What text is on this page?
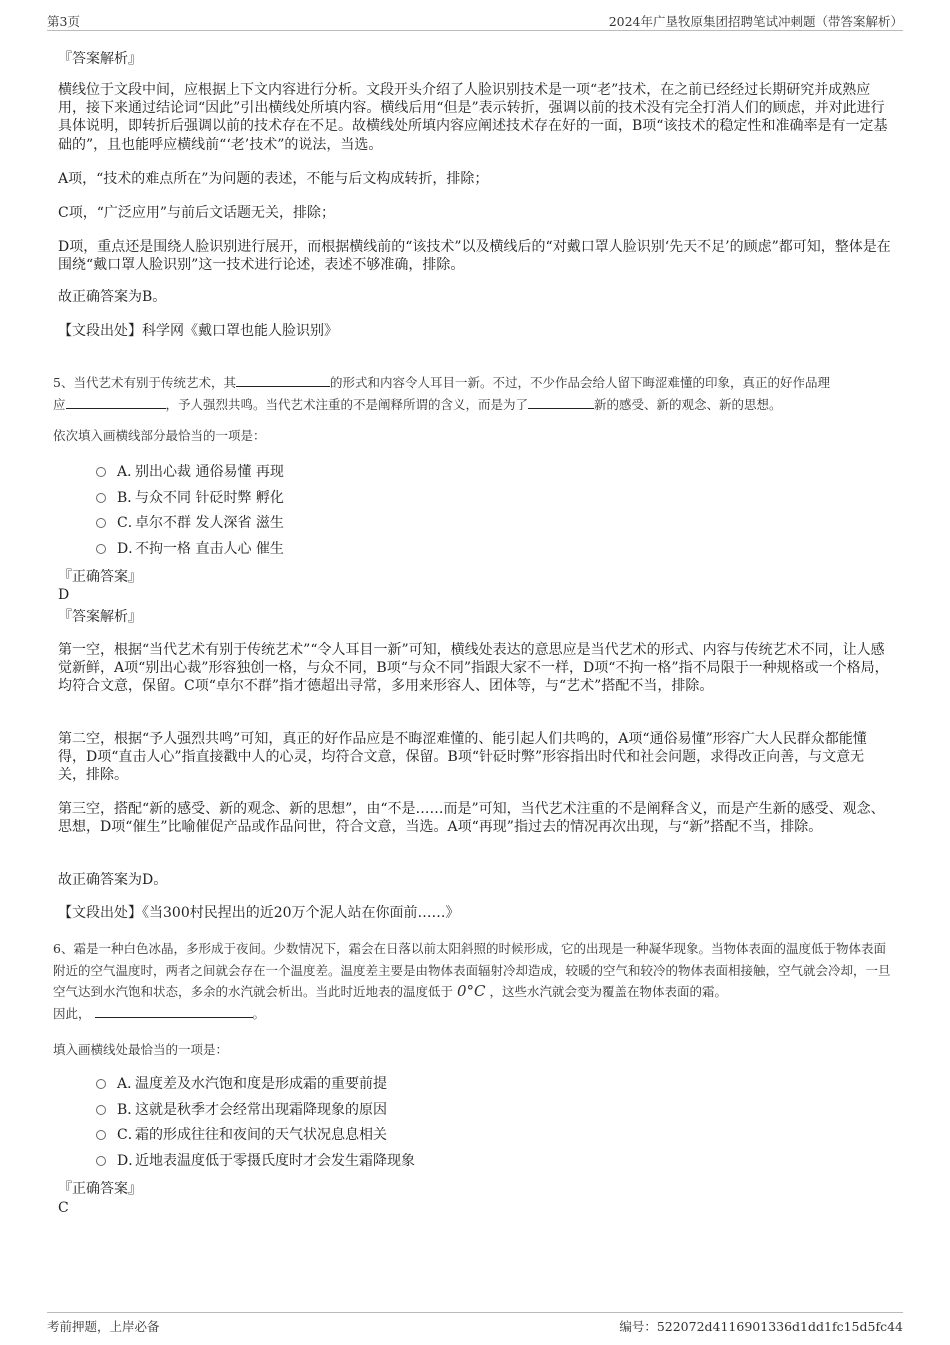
第3页	2024年广垦牧原集团招聘笔试冲刺题（带答案解析）
『答案解析』

横线位于文段中间，应根据上下文内容进行分析。文段开头介绍了人脸识别技术是一项“老”技术，在之前已经经过长期研究并成熟应用，接下来通过结论词“因此”引出横线处所填内容。横线后用“但是”表示转折，强调以前的技术没有完全打消人们的顾虑，并对此进行具体说明，即转折后强调以前的技术存在不足。故横线处所填内容应阐述技术存在好的一面，B项“该技术的稳定性和准确率是有一定基础的”，且也能呼应横线前“‘老’技术”的说法，当选。

A项，“技术的难点所在”为问题的表述，不能与后文构成转折，排除；

C项，“广泛应用”与前后文话题无关，排除；

D项，重点还是围绕人脸识别进行展开，而根据横线前的“该技术”以及横线后的“对戴口罩人脸识别‘先天不足’的顾虑”都可知，整体是在围绕“戴口罩人脸识别”这一技术进行论述，表述不够准确，排除。

故正确答案为B。

【文段出处】科学网《戴口罩也能人脸识别》

5、当代艺术有别于传统艺术，其	的形式和内容令人耳目一新。不过，不少作品会给人留下晦涩难懂的印象，真正的好作品理
应	，予人强烈共鸣。当代艺术注重的不是阐释所谓的含义，而是为了	新的感受、新的观念、新的思想。

依次填入画横线部分最恰当的一项是：

A．别出心裁 通俗易懂 再现
B．与众不同 针砭时弊 孵化
C．卓尔不群 发人深省 滋生
D．不拘一格 直击人心 催生
『正确答案』
D
『答案解析』

第一空，根据“当代艺术有别于传统艺术”“令人耳目一新”可知，横线处表达的意思应是当代艺术的形式、内容与传统艺术不同，让人感觉新鲜，A项“别出心裁”形容独创一格，与众不同，B项“与众不同”指跟大家不一样，D项“不拘一格”指不局限于一种规格或一个格局，均符合文意，保留。C项“卓尔不群”指才德超出寻常，多用来形容人、团体等，与“艺术”搭配不当，排除。

第二空，根据“予人强烈共鸣”可知，真正的好作品应是不晦涩难懂的、能引起人们共鸣的，A项“通俗易懂”形容广大人民群众都能懂得，D项“直击人心”指直接戳中人的心灵，均符合文意，保留。B项“针砭时弊”形容指出时代和社会问题，求得改正向善，与文意无关，排除。

第三空，搭配“新的感受、新的观念、新的思想”，由“不是……而是”可知，当代艺术注重的不是阐释含义，而是产生新的感受、观念、思想，D项“催生”比喻催促产品或作品问世，符合文意，当选。A项“再现”指过去的情况再次出现，与“新”搭配不当，排除。

故正确答案为D。

【文段出处】《当300村民捏出的近20万个泥人站在你面前……》

6、霜是一种白色冰晶，多形成于夜间。少数情况下，霜会在日落以前太阳斜照的时候形成，它的出现是一种凝华现象。当物体表面的温度低于物体表面附近的空气温度时，两者之间就会存在一个温度差。温度差主要是由物体表面辐射冷却造成，较暖的空气和较冷的物体表面相接触，空气就会冷却，一旦空气达到水汽饱和状态，多余的水汽就会析出。当此时近地表的温度低于 0°C ，这些水汽就会变为覆盖在物体表面的霜。
因此，	。

填入画横线处最恰当的一项是：

A．温度差及水汽饱和度是形成霜的重要前提
B．这就是秋季才会经常出现霜降现象的原因
C．霜的形成往往和夜间的天气状况息息相关
D．近地表温度低于零摄氏度时才会发生霜降现象
『正确答案』
C
考前押题，上岸必备	编号：522072d4116901336d1dd1fc15d5fc44
